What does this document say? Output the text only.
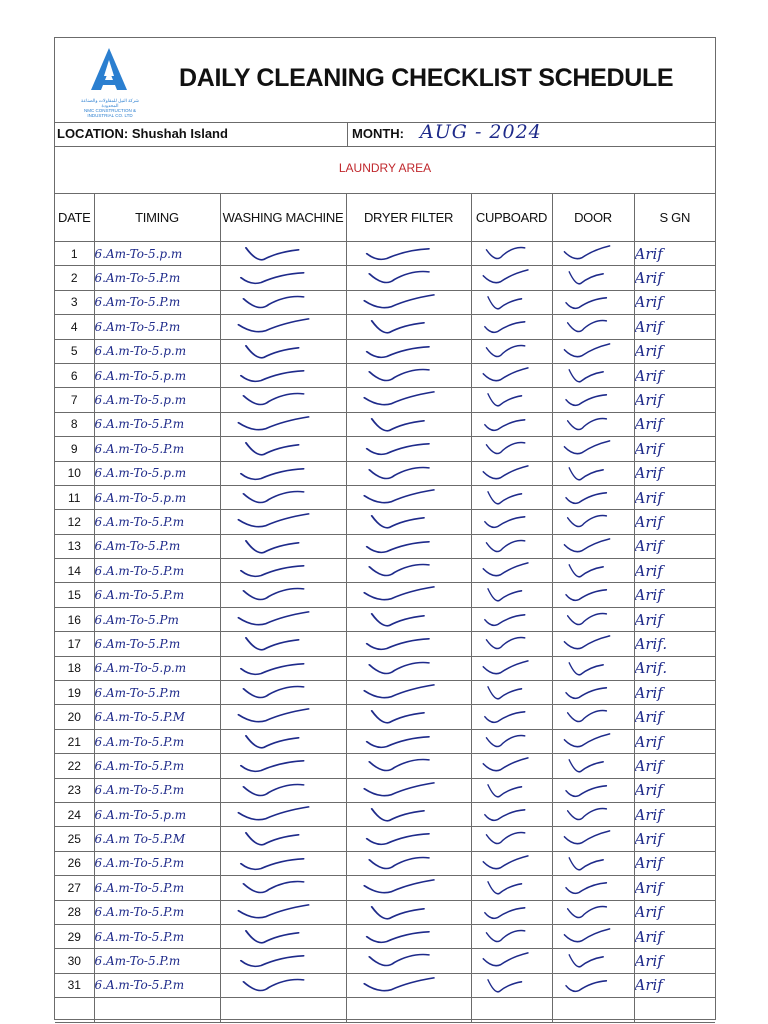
شركة النيل للمقاولات والصناعة المحدودة
NMC CONSTRUCTION & INDUSTRIAL CO. LTD
DAILY CLEANING CHECKLIST SCHEDULE
LOCATION: Shushah Island	MONTH: AUG - 2024
LAUNDRY AREA
DATE	TIMING	WASHING MACHINE	DRYER FILTER	CUPBOARD	DOOR	S GN
1	6.Am-To-5.p.m					Arif
2	6.Am-To-5.P.m					Arif
3	6.Am-To-5.P.m					Arif
4	6.Am-To-5.P.m					Arif
5	6.A.m-To-5.p.m					Arif
6	6.A.m-To-5.p.m					Arif
7	6.A.m-To-5.p.m					Arif
8	6.A.m-To-5.P.m					Arif
9	6.A.m-To-5.P.m					Arif
10	6.A.m-To-5.p.m					Arif
11	6.A.m-To-5.p.m					Arif
12	6.A.m-To-5.P.m					Arif
13	6.Am-To-5.P.m					Arif
14	6.A.m-To-5.P.m					Arif
15	6.A.m-To-5.P.m					Arif
16	6.Am-To-5.Pm					Arif
17	6.Am-To-5.P.m					Arif.
18	6.A.m-To-5.p.m					Arif.
19	6.Am-To-5.P.m					Arif
20	6.A.m-To-5.P.M					Arif
21	6.A.m-To-5.P.m					Arif
22	6.A.m-To-5.P.m					Arif
23	6.A.m-To-5.P.m					Arif
24	6.A.m-To-5.p.m					Arif
25	6.A.m To-5.P.M					Arif
26	6.A.m-To-5.P.m					Arif
27	6.A.m-To-5.P.m					Arif
28	6.A.m-To-5.P.m					Arif
29	6.A.m-To-5.P.m					Arif
30	6.Am-To-5.P.m					Arif
31	6.A.m-To-5.P.m					Arif
